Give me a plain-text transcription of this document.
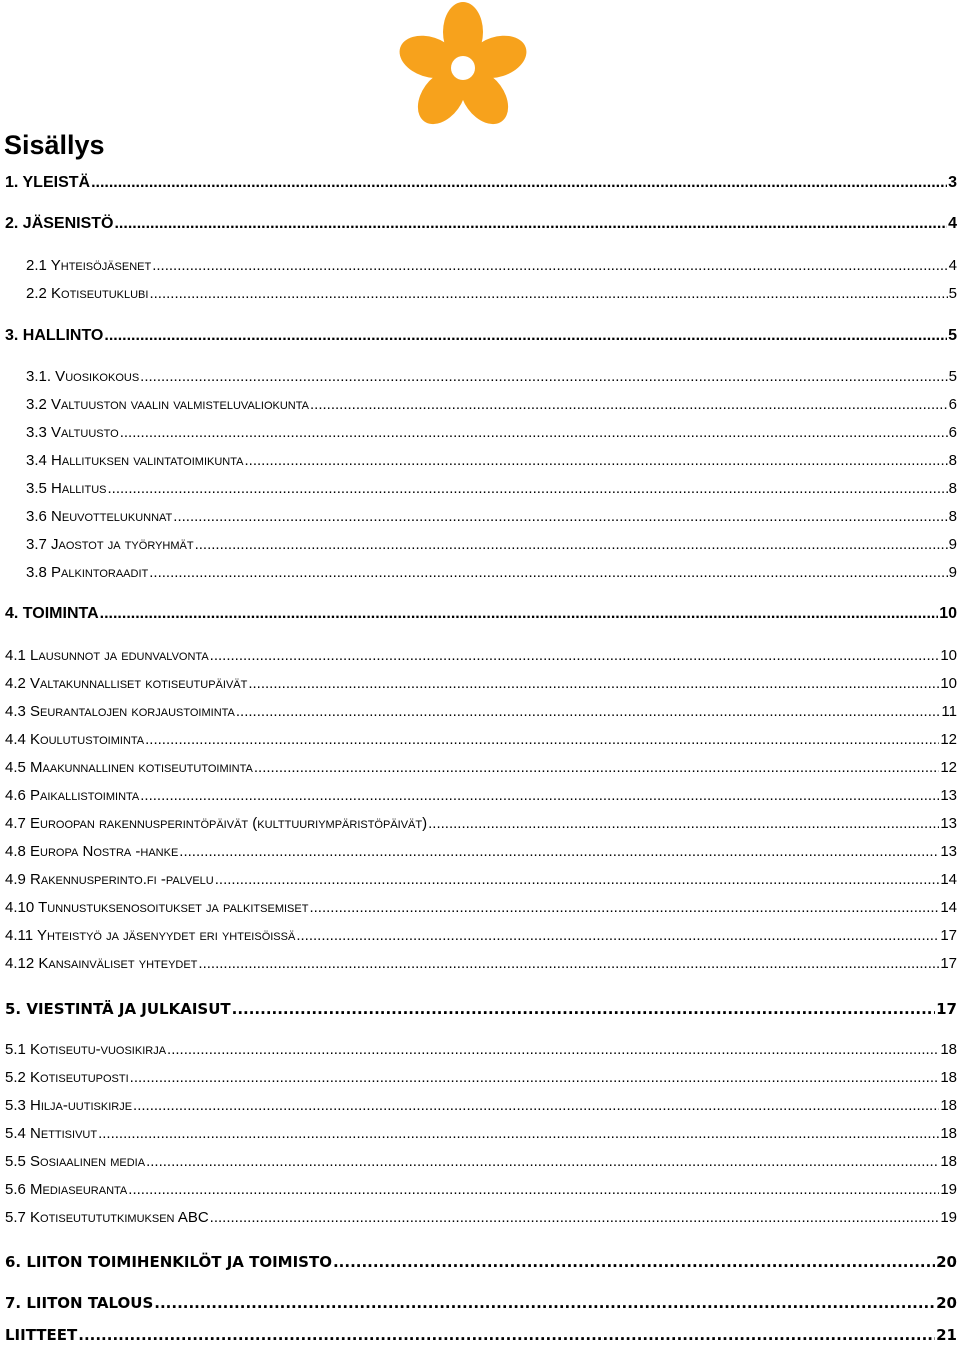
Sisällys
1. YLEISTÄ .....	3
2. JÄSENISTÖ .....	4
2.1 Yhteisöjäsenet .....	4
2.2 Kotiseutuklubi .....	5
3. HALLINTO .....	5
3.1. Vuosikokous .....	5
3.2 Valtuuston vaalin valmisteluvaliokunta .....	6
3.3 Valtuusto .....	6
3.4 Hallituksen valintatoimikunta .....	8
3.5 Hallitus .....	8
3.6 Neuvottelukunnat .....	8
3.7 Jaostot ja työryhmät .....	9
3.8 Palkintoraadit .....	9
4. TOIMINTA .....	10
4.1 Lausunnot ja edunvalvonta .....	10
4.2 Valtakunnalliset kotiseutupäivät .....	10
4.3 Seurantalojen korjaustoiminta .....	11
4.4 Koulutustoiminta .....	12
4.5 Maakunnallinen kotiseututoiminta .....	12
4.6 Paikallistoiminta .....	13
4.7 Euroopan rakennusperintöpäivät (kulttuuriympäristöpäivät) .....	13
4.8 Europa Nostra -hanke .....	13
4.9 Rakennusperinto.fi -palvelu .....	14
4.10 Tunnustuksenosoitukset ja palkitsemiset .....	14
4.11 Yhteistyö ja jäsenyydet eri yhteisöissä .....	17
4.12 Kansainväliset yhteydet .....	17
5. VIESTINTÄ JA JULKAISUT .....	17
5.1 Kotiseutu-vuosikirja .....	18
5.2 Kotiseutuposti .....	18
5.3 Hilja-uutiskirje .....	18
5.4 Nettisivut .....	18
5.5 Sosiaalinen media .....	18
5.6 Mediaseuranta .....	19
5.7 Kotiseutututkimuksen ABC .....	19
6. LIITON TOIMIHENKILÖT JA TOIMISTO .....	20
7. LIITON TALOUS .....	20
LIITTEET .....	21
